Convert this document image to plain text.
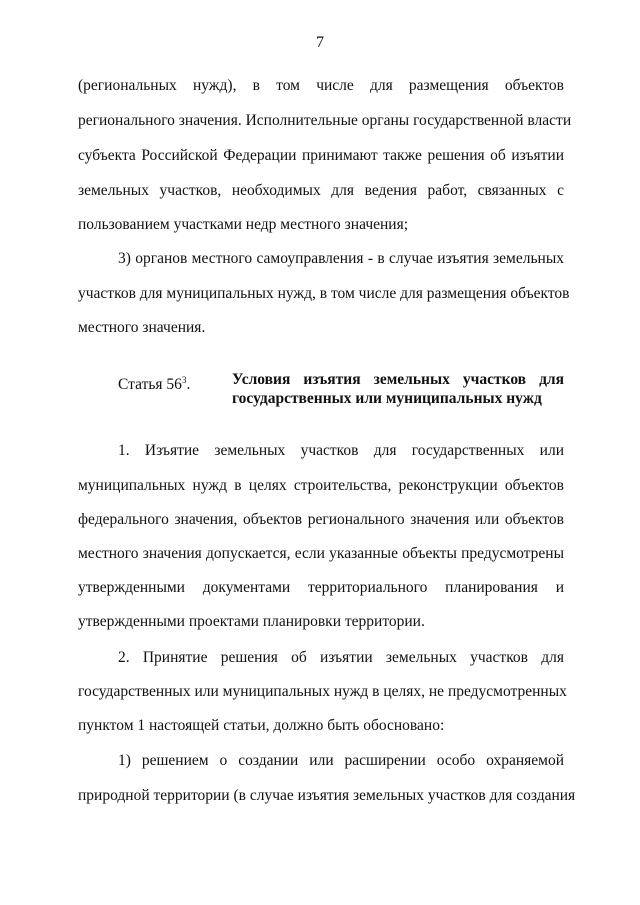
7
(региональных нужд), в том числе для размещения объектов
регионального значения. Исполнительные органы государственной власти
субъекта Российской Федерации принимают также решения об изъятии
земельных участков, необходимых для ведения работ, связанных с
пользованием участками недр местного значения;
3) органов местного самоуправления - в случае изъятия земельных
участков для муниципальных нужд, в том числе для размещения объектов
местного значения.
Статья $56^3$.	Условия изъятия земельных участков для
государственных или муниципальных нужд
1. Изъятие земельных участков для государственных или
муниципальных нужд в целях строительства, реконструкции объектов
федерального значения, объектов регионального значения или объектов
местного значения допускается, если указанные объекты предусмотрены
утвержденными документами территориального планирования и
утвержденными проектами планировки территории.
2. Принятие решения об изъятии земельных участков для
государственных или муниципальных нужд в целях, не предусмотренных
пунктом 1 настоящей статьи, должно быть обосновано:
1) решением о создании или расширении особо охраняемой
природной территории (в случае изъятия земельных участков для создания
